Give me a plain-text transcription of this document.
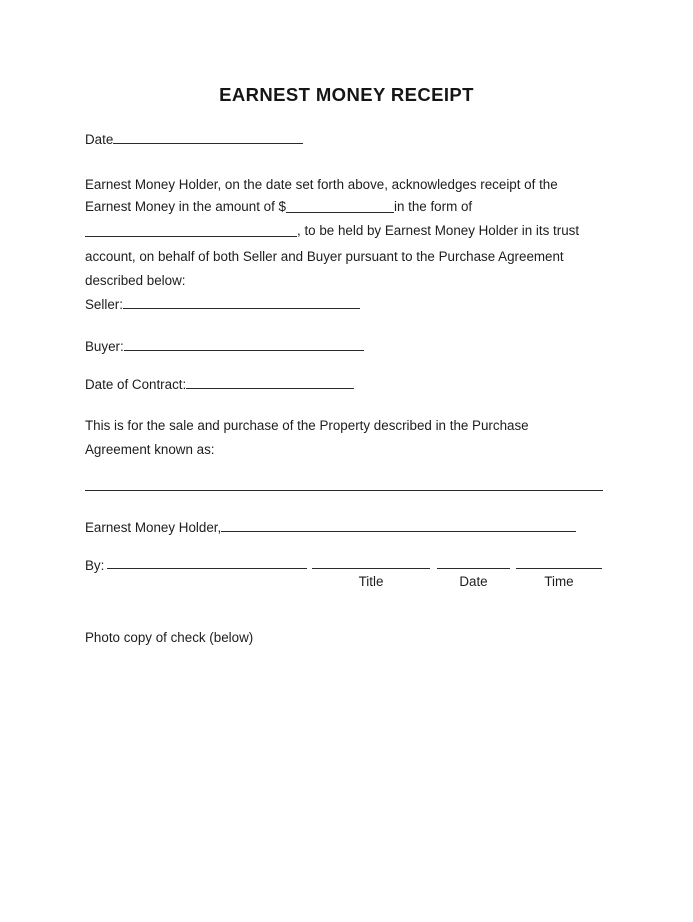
EARNEST MONEY RECEIPT
Date
Earnest Money Holder, on the date set forth above, acknowledges receipt of the
Earnest Money in the amount of $	in the form of
, to be held by Earnest Money Holder in its trust
account, on behalf of both Seller and Buyer pursuant to the Purchase Agreement
described below:
Seller:
Buyer:
Date of Contract:
This is for the sale and purchase of the Property described in the Purchase
Agreement known as:
Earnest Money Holder,
By:
Title	Date	Time
Photo copy of check (below)
